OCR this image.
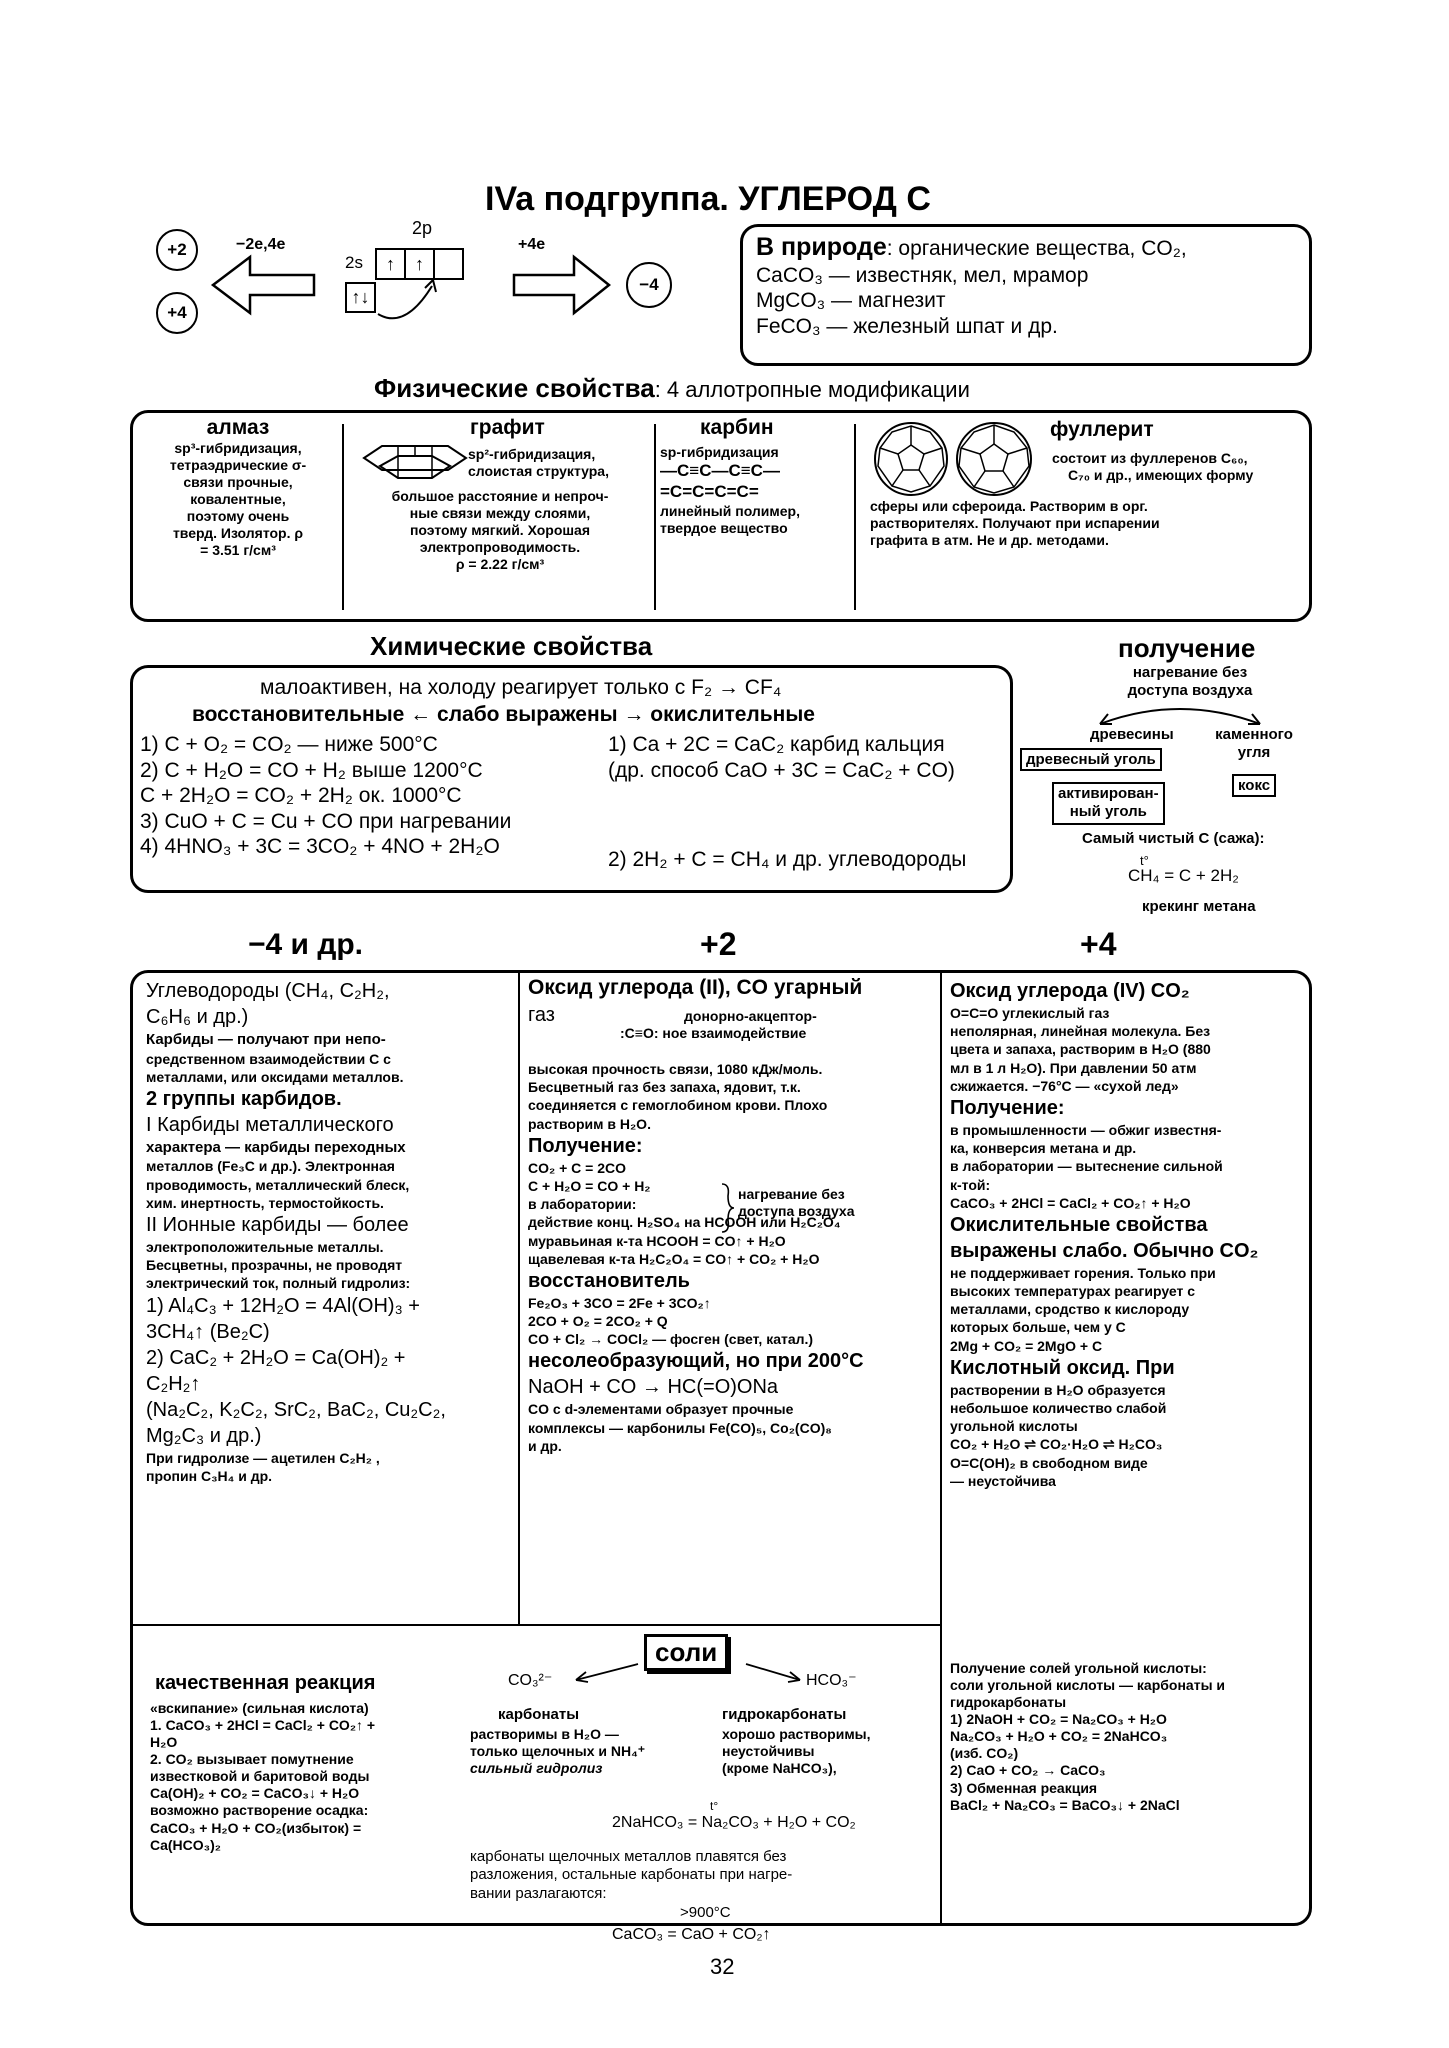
IVa подгруппа. УГЛЕРОД С
+2
+4
−2e,4e
2p
2s ↑ ↑
↑↓
+4e
−4
В природе: органические вещества, CO₂,
CaCO₃ — известняк, мел, мрамор
MgCO₃ — магнезит
FeCO₃ — железный шпат и др.
Физические свойства: 4 аллотропные модификации
алмаз
sp³-гибридизация,
тетраэдрические σ-
связи прочные,
ковалентные,
поэтому очень
тверд. Изолятор. ρ
= 3.51 г/см³
графит
sp²-гибридизация,
слоистая структура,
большое расстояние и непроч-
ные связи между слоями,
поэтому мягкий. Хорошая
электропроводимость.
ρ = 2.22 г/см³
карбин
sp-гибридизация
—C≡C—C≡C—
=C=C=C=C=
линейный полимер,
твердое вещество
фуллерит
состоит из фуллеренов C₆₀,
C₇₀ и др., имеющих форму
сферы или сфероида. Растворим в орг.
растворителях. Получают при испарении
графита в атм. He и др. методами.
Химические свойства
малоактивен, на холоду реагирует только с F₂ → CF₄
восстановительные ← слабо выражены → окислительные
1) C + O₂ = CO₂ — ниже 500°C
2) C + H₂O = CO + H₂ выше 1200°C
C + 2H₂O = CO₂ + 2H₂ ок. 1000°C
3) CuO + C = Cu + CO при нагревании
4) 4HNO₃ + 3C = 3CO₂ + 4NO + 2H₂O
1) Ca + 2C = CaC₂ карбид кальция
(др. способ CaO + 3C = CaC₂ + CO)
2) 2H₂ + C = CH₄ и др. углеводороды
получение
нагревание без
доступа воздуха
древесины	каменного
угля
древесный уголь
активирован-
ный уголь
кокс
Самый чистый C (сажа):
t°
CH₄ = C + 2H₂
крекинг метана
−4 и др.	+2	+4
Углеводороды (CH₄, C₂H₂,
C₆H₆ и др.)
Карбиды — получают при непо-
средственном взаимодействии C с
металлами, или оксидами металлов.
2 группы карбидов.
I Карбиды металлического
характера — карбиды переходных
металлов (Fe₃C и др.). Электронная
проводимость, металлический блеск,
хим. инертность, термостойкость.
II Ионные карбиды — более
электроположительные металлы.
Бесцветны, прозрачны, не проводят
электрический ток, полный гидролиз:
1) Al₄C₃ + 12H₂O = 4Al(OH)₃ +
3CH₄↑ (Be₂C)
2) CaC₂ + 2H₂O = Ca(OH)₂ +
C₂H₂↑
(Na₂C₂, K₂C₂, SrC₂, BaC₂, Cu₂C₂,
Mg₂C₃ и др.)
При гидролизе — ацетилен C₂H₂ ,
пропин C₃H₄ и др.
Оксид углерода (II), CO угарный
газ	донорно-акцептор-
:C≡O: ное взаимодействие
высокая прочность связи, 1080 кДж/моль.
Бесцветный газ без запаха, ядовит, т.к.
соединяется с гемоглобином крови. Плохо
растворим в H₂O.
Получение:
CO₂ + C = 2CO
C + H₂O = CO + H₂
в лаборатории:
действие конц. H₂SO₄ на HCOOH или H₂C₂O₄
муравьиная к-та HCOOH = CO↑ + H₂O
щавелевая к-та H₂C₂O₄ = CO↑ + CO₂ + H₂O
восстановитель
Fe₂O₃ + 3CO = 2Fe + 3CO₂↑
2CO + O₂ = 2CO₂ + Q
CO + Cl₂ → COCl₂ — фосген (свет, катал.)
несолеобразующий, но при 200°C
NaOH + CO → HC(=O)ONa
CO с d-элементами образует прочные
комплексы — карбонилы Fe(CO)₅, Co₂(CO)₈
и др.
нагревание без
доступа воздуха
Оксид углерода (IV) CO₂
O=C=O углекислый газ
неполярная, линейная молекула. Без
цвета и запаха, растворим в H₂O (880
мл в 1 л H₂O). При давлении 50 атм
сжижается. −76°C — «сухой лед»
Получение:
в промышленности — обжиг известня-
ка, конверсия метана и др.
в лаборатории — вытеснение сильной
к-той:
CaCO₃ + 2HCl = CaCl₂ + CO₂↑ + H₂O
Окислительные свойства
выражены слабо. Обычно CO₂
не поддерживает горения. Только при
высоких температурах реагирует с
металлами, сродство к кислороду
которых больше, чем у C
2Mg + CO₂ = 2MgO + C
Кислотный оксид. При
растворении в H₂O образуется
небольшое количество слабой
угольной кислоты
CO₂ + H₂O ⇌ CO₂·H₂O ⇌ H₂CO₃
O=C(OH)₂ в свободном виде
— неустойчива
соли
CO₃²⁻	HCO₃⁻
качественная реакция
«вскипание» (сильная кислота)
1. CaCO₃ + 2HCl = CaCl₂ + CO₂↑ +
H₂O
2. CO₂ вызывает помутнение
известковой и баритовой воды
Ca(OH)₂ + CO₂ = CaCO₃↓ + H₂O
возможно растворение осадка:
CaCO₃ + H₂O + CO₂(избыток) =
Ca(HCO₃)₂
карбонаты
растворимы в H₂O —
только щелочных и NH₄⁺
сильный гидролиз
гидрокарбонаты
хорошо растворимы,
неустойчивы
(кроме NaHCO₃),
t°
2NaHCO₃ = Na₂CO₃ + H₂O + CO₂
карбонаты щелочных металлов плавятся без
разложения, остальные карбонаты при нагре-
вании разлагаются:
>900°C
CaCO₃ = CaO + CO₂↑
Получение солей угольной кислоты:
соли угольной кислоты — карбонаты и
гидрокарбонаты
1) 2NaOH + CO₂ = Na₂CO₃ + H₂O
Na₂CO₃ + H₂O + CO₂ = 2NaHCO₃
(изб. CO₂)
2) CaO + CO₂ → CaCO₃
3) Обменная реакция
BaCl₂ + Na₂CO₃ = BaCO₃↓ + 2NaCl
32
